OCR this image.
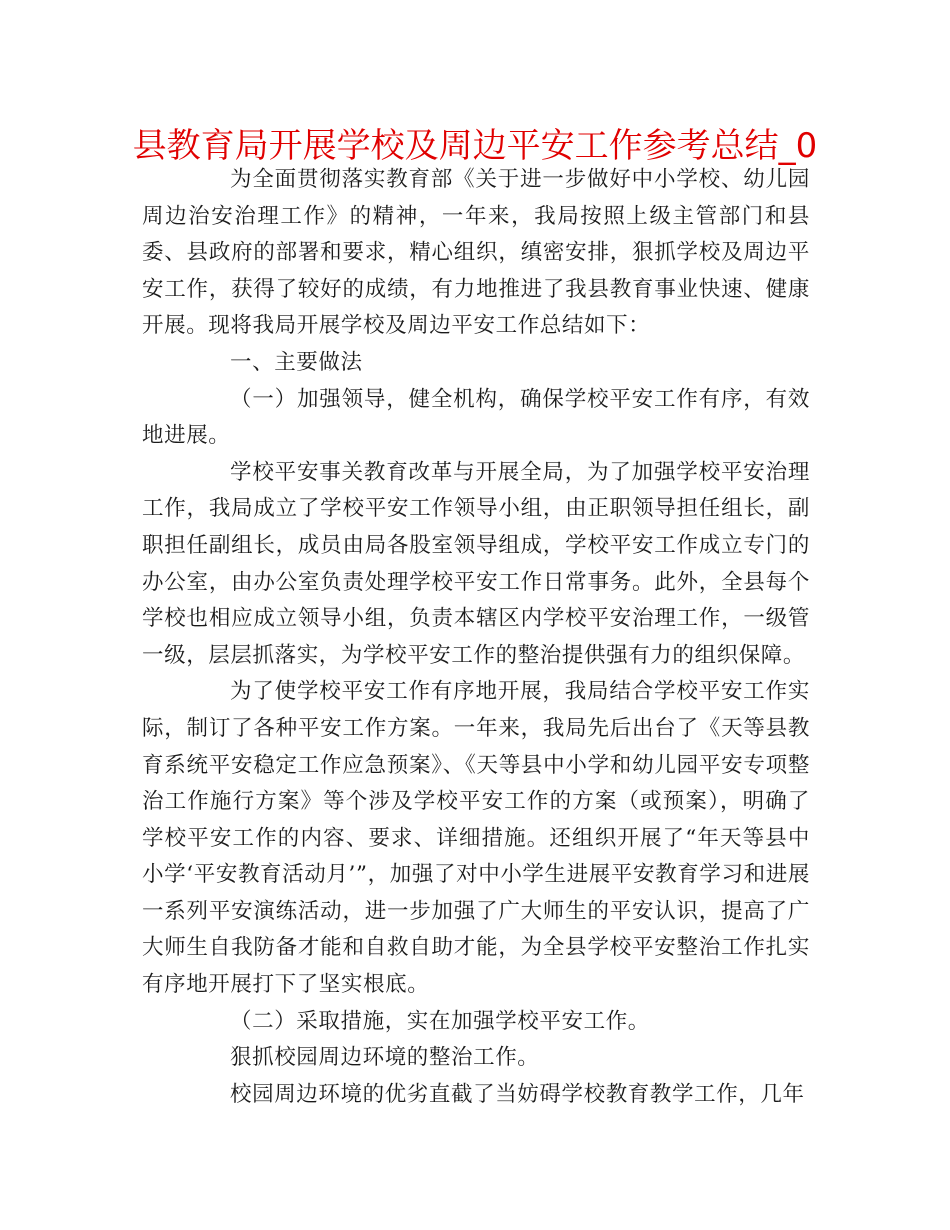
县教育局开展学校及周边平安工作参考总结_0

为全面贯彻落实教育部《关于进一步做好中小学校、幼儿园周边治安治理工作》的精神，一年来，我局按照上级主管部门和县委、县政府的部署和要求，精心组织，缜密安排，狠抓学校及周边平安工作，获得了较好的成绩，有力地推进了我县教育事业快速、健康开展。现将我局开展学校及周边平安工作总结如下：

一、主要做法

（一）加强领导，健全机构，确保学校平安工作有序，有效地进展。

学校平安事关教育改革与开展全局，为了加强学校平安治理工作，我局成立了学校平安工作领导小组，由正职领导担任组长，副职担任副组长，成员由局各股室领导组成，学校平安工作成立专门的办公室，由办公室负责处理学校平安工作日常事务。此外，全县每个学校也相应成立领导小组，负责本辖区内学校平安治理工作，一级管一级，层层抓落实，为学校平安工作的整治提供强有力的组织保障。

为了使学校平安工作有序地开展，我局结合学校平安工作实际，制订了各种平安工作方案。一年来，我局先后出台了《天等县教育系统平安稳定工作应急预案》、《天等县中小学和幼儿园平安专项整治工作施行方案》等个涉及学校平安工作的方案（或预案），明确了学校平安工作的内容、要求、详细措施。还组织开展了“年天等县中小学‘平安教育活动月’”，加强了对中小学生进展平安教育学习和进展一系列平安演练活动，进一步加强了广大师生的平安认识，提高了广大师生自我防备才能和自救自助才能，为全县学校平安整治工作扎实有序地开展打下了坚实根底。

（二）采取措施，实在加强学校平安工作。

狠抓校园周边环境的整治工作。

校园周边环境的优劣直截了当妨碍学校教育教学工作，几年
